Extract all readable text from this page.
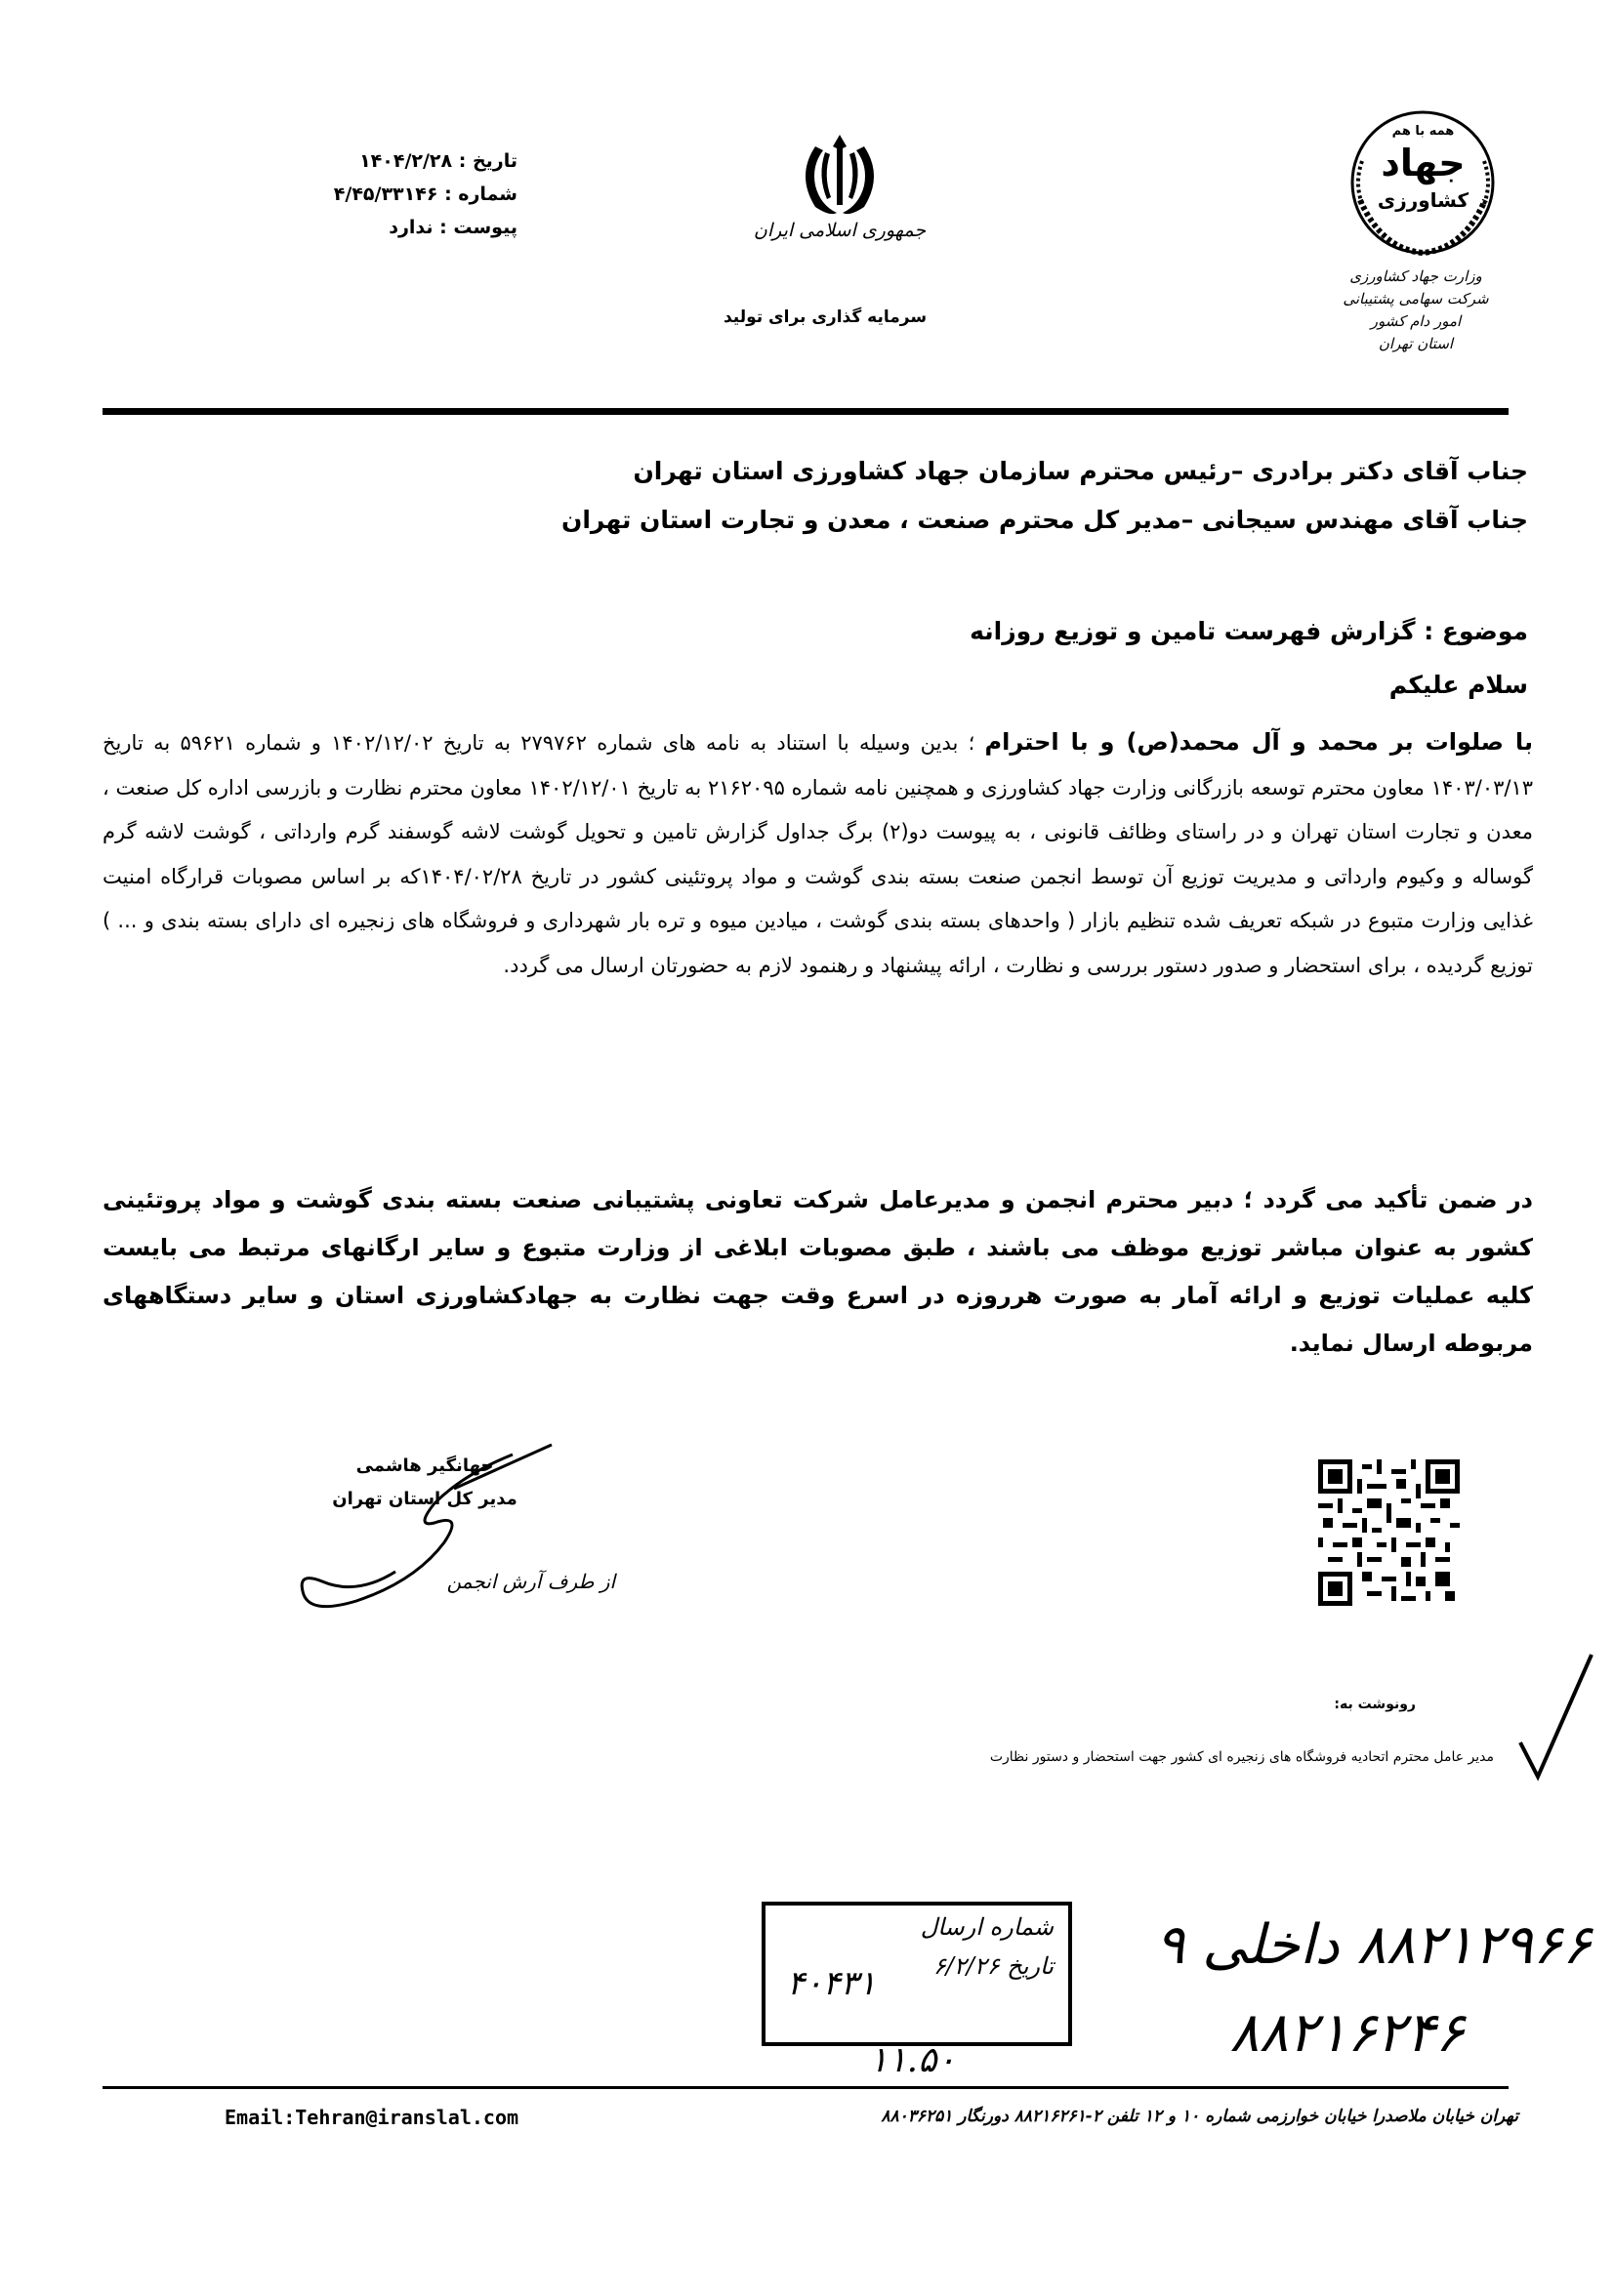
تاریخ : ۱۴۰۴/۲/۲۸
شماره : ۴/۴۵/۳۳۱۴۶
پیوست : ندارد	جمهوری اسلامی ایران
سرمایه گذاری برای تولید
همه با هم
جهاد
کشاورزی
وزارت جهاد کشاورزی
شرکت سهامی پشتیبانی امور دام کشور
استان تهران
جناب آقای دکتر برادری –رئیس محترم سازمان جهاد کشاورزی استان تهران
جناب آقای مهندس سیجانی –مدیر کل محترم صنعت ، معدن و تجارت استان تهران
موضوع : گزارش فهرست تامین و توزیع روزانه
سلام علیکم
با صلوات بر محمد و آل محمد(ص) و با احترام ؛ بدین وسیله با استناد به نامه های شماره ۲۷۹۷۶۲ به تاریخ ۱۴۰۲/۱۲/۰۲ و شماره ۵۹۶۲۱ به تاریخ ۱۴۰۳/۰۳/۱۳ معاون محترم توسعه بازرگانی وزارت جهاد کشاورزی و همچنین نامه شماره ۲۱۶۲۰۹۵ به تاریخ ۱۴۰۲/۱۲/۰۱ معاون محترم نظارت و بازرسی اداره کل صنعت ، معدن و تجارت استان تهران و در راستای وظائف قانونی ، به پیوست دو(۲) برگ جداول گزارش تامین و تحویل گوشت لاشه گوسفند گرم وارداتی ، گوشت لاشه گرم گوساله و وکیوم وارداتی و مدیریت توزیع آن توسط انجمن صنعت بسته بندی گوشت و مواد پروتئینی کشور در تاریخ ۱۴۰۴/۰۲/۲۸که بر اساس مصوبات قرارگاه امنیت غذایی وزارت متبوع در شبکه تعریف شده تنظیم بازار ( واحدهای بسته بندی گوشت ، میادین میوه و تره بار شهرداری و فروشگاه های زنجیره ای دارای بسته بندی و ... ) توزیع گردیده ، برای استحضار و صدور دستور بررسی و نظارت ، ارائه پیشنهاد و رهنمود لازم به حضورتان ارسال می گردد.
در ضمن تأکید می گردد ؛ دبیر محترم انجمن و مدیرعامل شرکت تعاونی پشتیبانی صنعت بسته بندی گوشت و مواد پروتئینی کشور به عنوان مباشر توزیع موظف می باشند ، طبق مصوبات ابلاغی از وزارت متبوع و سایر ارگانهای مرتبط می بایست کلیه عملیات توزیع و ارائه آمار به صورت هرروزه در اسرع وقت جهت نظارت به جهادکشاورزی استان و سایر دستگاههای مربوطه ارسال نماید.
جهانگیر هاشمی
مدیر کل استان تهران
از طرف آرش انجمن
رونوشت به:
مدیر عامل محترم اتحادیه فروشگاه های زنجیره ای کشور جهت استحضار و دستور نظارت
شماره ارسال
تاریخ ۶/۲/۲۶
۴۰۴۳۱
۱۱.۵۰
۸۸۲۱۲۹۶۶ داخلی ۹
۸۸۲۱۶۲۴۶
Email:Tehran@iranslal.com	تهران خیابان ملاصدرا خیابان خوارزمی شماره ۱۰ و ۱۲ تلفن ۲-۸۸۲۱۶۲۶۱ دورنگار ۸۸۰۳۶۲۵۱
